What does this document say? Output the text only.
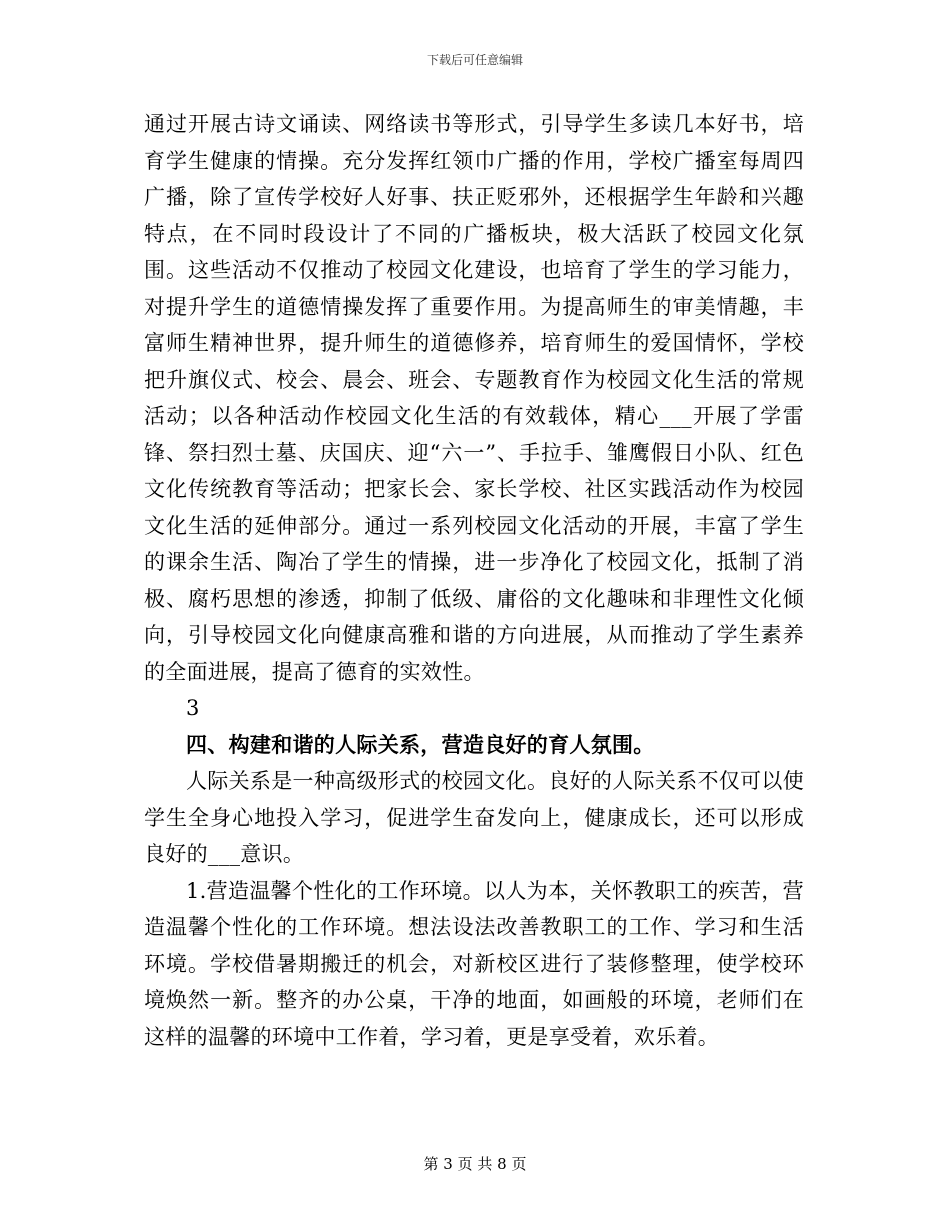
下载后可任意编辑

通过开展古诗文诵读、网络读书等形式，引导学生多读几本好书，培育学生健康的情操。充分发挥红领巾广播的作用，学校广播室每周四广播，除了宣传学校好人好事、扶正贬邪外，还根据学生年龄和兴趣特点，在不同时段设计了不同的广播板块，极大活跃了校园文化氛围。这些活动不仅推动了校园文化建设，也培育了学生的学习能力，对提升学生的道德情操发挥了重要作用。为提高师生的审美情趣，丰富师生精神世界，提升师生的道德修养，培育师生的爱国情怀，学校把升旗仪式、校会、晨会、班会、专题教育作为校园文化生活的常规活动；以各种活动作校园文化生活的有效载体，精心___开展了学雷锋、祭扫烈士墓、庆国庆、迎“六一”、手拉手、雏鹰假日小队、红色文化传统教育等活动；把家长会、家长学校、社区实践活动作为校园文化生活的延伸部分。通过一系列校园文化活动的开展，丰富了学生的课余生活、陶冶了学生的情操，进一步净化了校园文化，抵制了消极、腐朽思想的渗透，抑制了低级、庸俗的文化趣味和非理性文化倾向，引导校园文化向健康高雅和谐的方向进展，从而推动了学生素养的全面进展，提高了德育的实效性。

3

四、构建和谐的人际关系，营造良好的育人氛围。

人际关系是一种高级形式的校园文化。良好的人际关系不仅可以使学生全身心地投入学习，促进学生奋发向上，健康成长，还可以形成良好的___意识。

1.营造温馨个性化的工作环境。以人为本，关怀教职工的疾苦，营造温馨个性化的工作环境。想法设法改善教职工的工作、学习和生活环境。学校借暑期搬迁的机会，对新校区进行了装修整理，使学校环境焕然一新。整齐的办公桌，干净的地面，如画般的环境，老师们在这样的温馨的环境中工作着，学习着，更是享受着，欢乐着。

第 3 页 共 8 页
